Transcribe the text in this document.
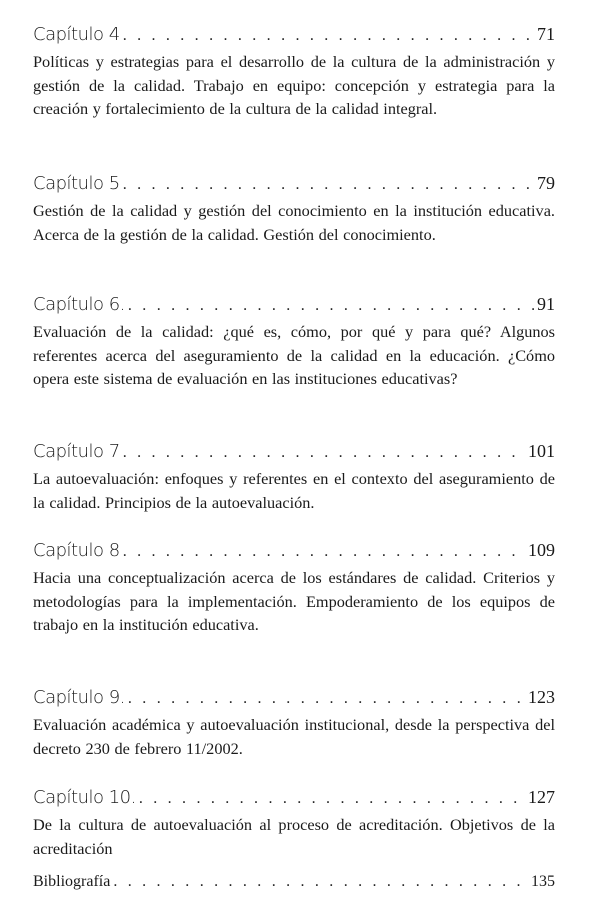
Capítulo 4 . . .	71

Políticas y estrategias para el desarrollo de la cultura de la administración y gestión de la calidad. Trabajo en equipo: concepción y estrategia para la creación y fortalecimiento de la cultura de la calidad integral.

Capítulo 5 . . .	79

Gestión de la calidad y gestión del conocimiento en la institución educativa. Acerca de la gestión de la calidad. Gestión del conocimiento.

Capítulo 6. . . .	91

Evaluación de la calidad: ¿qué es, cómo, por qué y para qué? Algunos referentes acerca del aseguramiento de la calidad en la educación. ¿Cómo opera este sistema de evaluación en las instituciones educativas?

Capítulo 7 . . .	101

La autoevaluación: enfoques y referentes en el contexto del aseguramiento de la calidad. Principios de la autoevaluación.

Capítulo 8 . . .	109

Hacia una conceptualización acerca de los estándares de calidad. Criterios y metodologías para la implementación. Empoderamiento de los equipos de trabajo en la institución educativa.

Capítulo 9. . . .	123

Evaluación académica y autoevaluación institucional, desde la perspectiva del decreto 230 de febrero 11/2002.

Capítulo 10. . . .	127

De la cultura de autoevaluación al proceso de acreditación. Objetivos de la acreditación

Bibliografía . . .	135
